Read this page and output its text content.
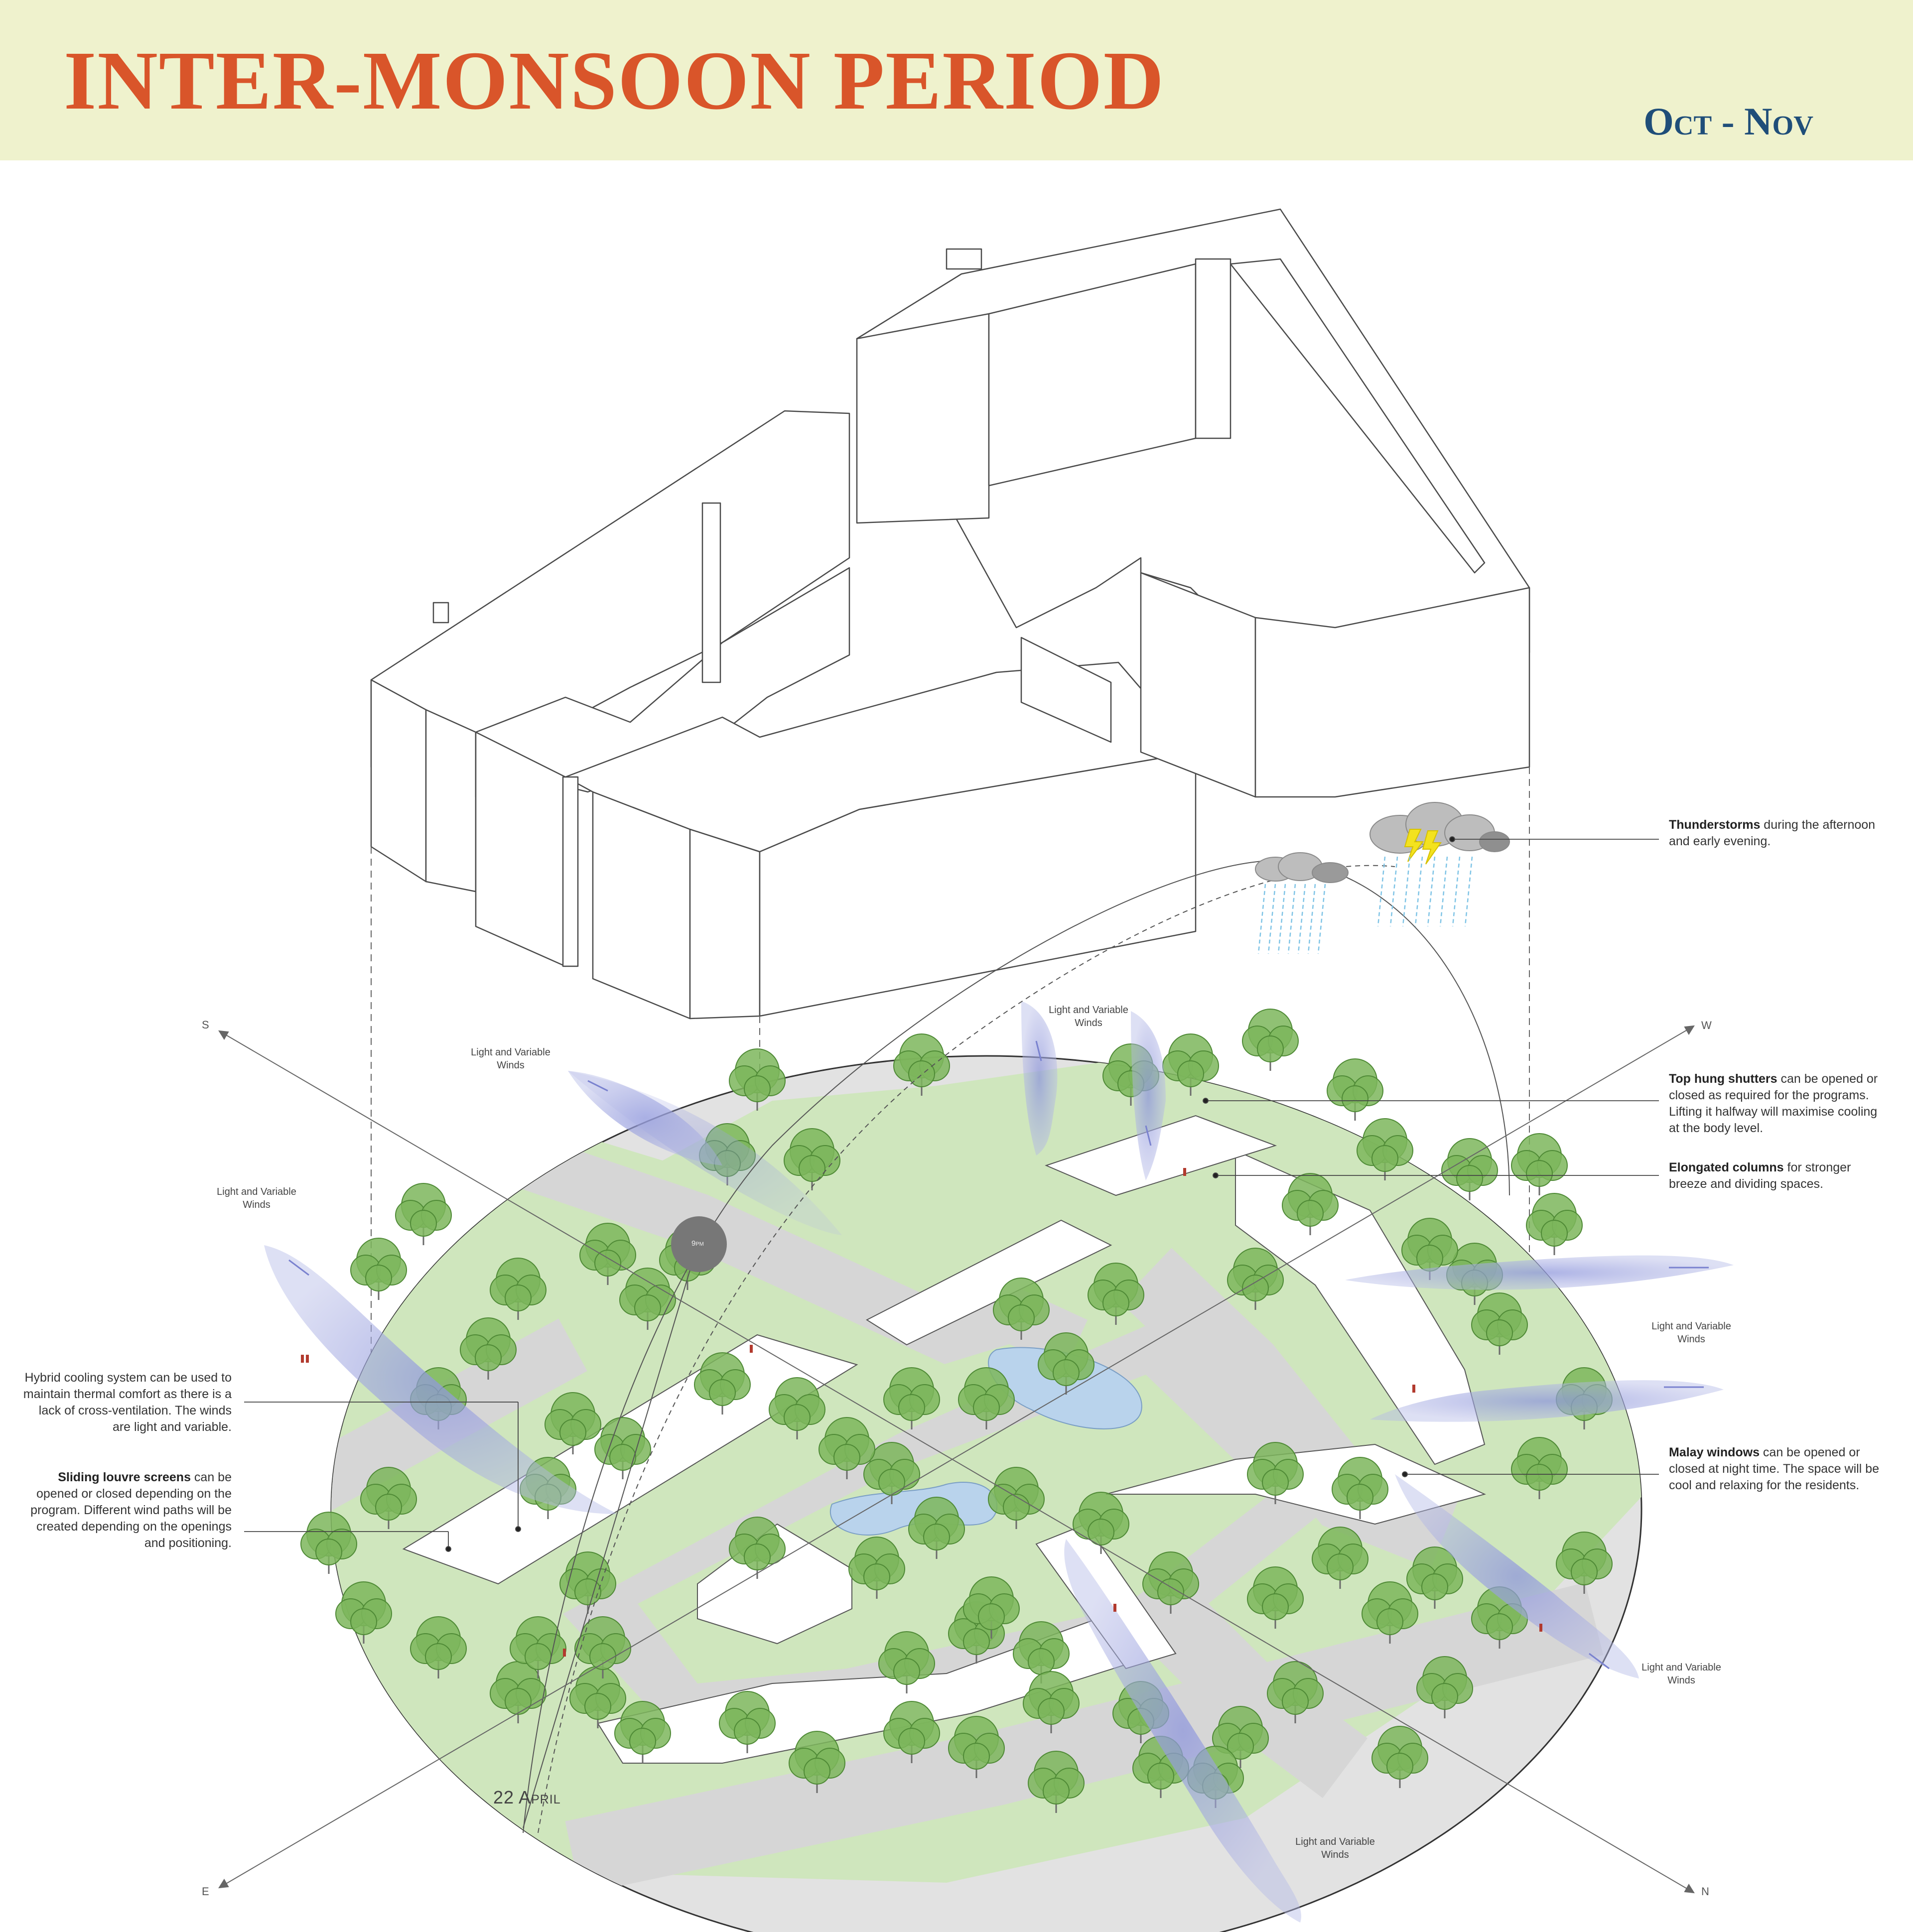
INTER-MONSOON PERIOD	Oct - Nov
S	W
E	N
9pm
22 April
Light and Variable Winds
Light and Variable Winds
Light and Variable Winds
Light and Variable Winds
Light and Variable Winds
Light and Variable Winds
Thunderstorms during the afternoon and early evening.
Top hung shutters can be opened or closed as required for the programs. Lifting it halfway will maximise cooling at the body level.
Elongated columns for stronger breeze and dividing spaces.
Malay windows can be opened or closed at night time. The space will be cool and relaxing for the residents.
Hybrid cooling system can be used to maintain thermal comfort as there is a lack of cross-ventilation. The winds are light and variable.
Sliding louvre screens can be opened or closed depending on the program. Different wind paths will be created depending on the openings and positioning.
